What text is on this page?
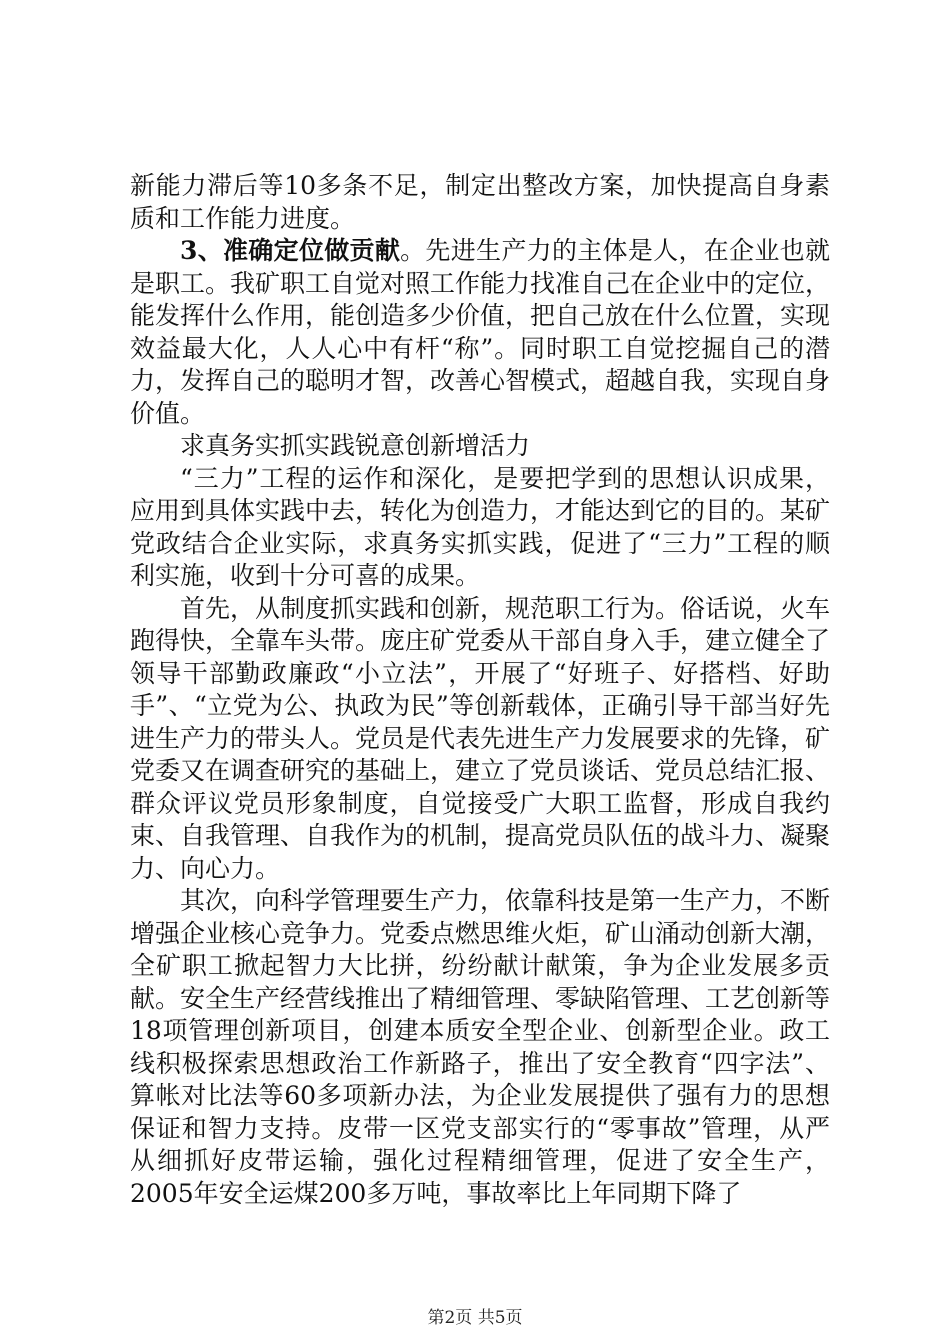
新能力滞后等10多条不足，制定出整改方案，加快提高自身素质和工作能力进度。

3、准确定位做贡献。先进生产力的主体是人，在企业也就是职工。我矿职工自觉对照工作能力找准自己在企业中的定位，能发挥什么作用，能创造多少价值，把自己放在什么位置，实现效益最大化，人人心中有杆“称”。同时职工自觉挖掘自己的潜力，发挥自己的聪明才智，改善心智模式，超越自我，实现自身价值。

求真务实抓实践锐意创新增活力

“三力”工程的运作和深化，是要把学到的思想认识成果，应用到具体实践中去，转化为创造力，才能达到它的目的。某矿党政结合企业实际，求真务实抓实践，促进了“三力”工程的顺利实施，收到十分可喜的成果。

首先，从制度抓实践和创新，规范职工行为。俗话说，火车跑得快，全靠车头带。庞庄矿党委从干部自身入手，建立健全了领导干部勤政廉政“小立法”，开展了“好班子、好搭档、好助手”、“立党为公、执政为民”等创新载体，正确引导干部当好先进生产力的带头人。党员是代表先进生产力发展要求的先锋，矿党委又在调查研究的基础上，建立了党员谈话、党员总结汇报、群众评议党员形象制度，自觉接受广大职工监督，形成自我约束、自我管理、自我作为的机制，提高党员队伍的战斗力、凝聚力、向心力。

其次，向科学管理要生产力，依靠科技是第一生产力，不断增强企业核心竞争力。党委点燃思维火炬，矿山涌动创新大潮，全矿职工掀起智力大比拼，纷纷献计献策，争为企业发展多贡献。安全生产经营线推出了精细管理、零缺陷管理、工艺创新等18项管理创新项目，创建本质安全型企业、创新型企业。政工线积极探索思想政治工作新路子，推出了安全教育“四字法”、算帐对比法等60多项新办法，为企业发展提供了强有力的思想保证和智力支持。皮带一区党支部实行的“零事故”管理，从严从细抓好皮带运输，强化过程精细管理，促进了安全生产，2005年安全运煤200多万吨，事故率比上年同期下降了

第2页 共5页
